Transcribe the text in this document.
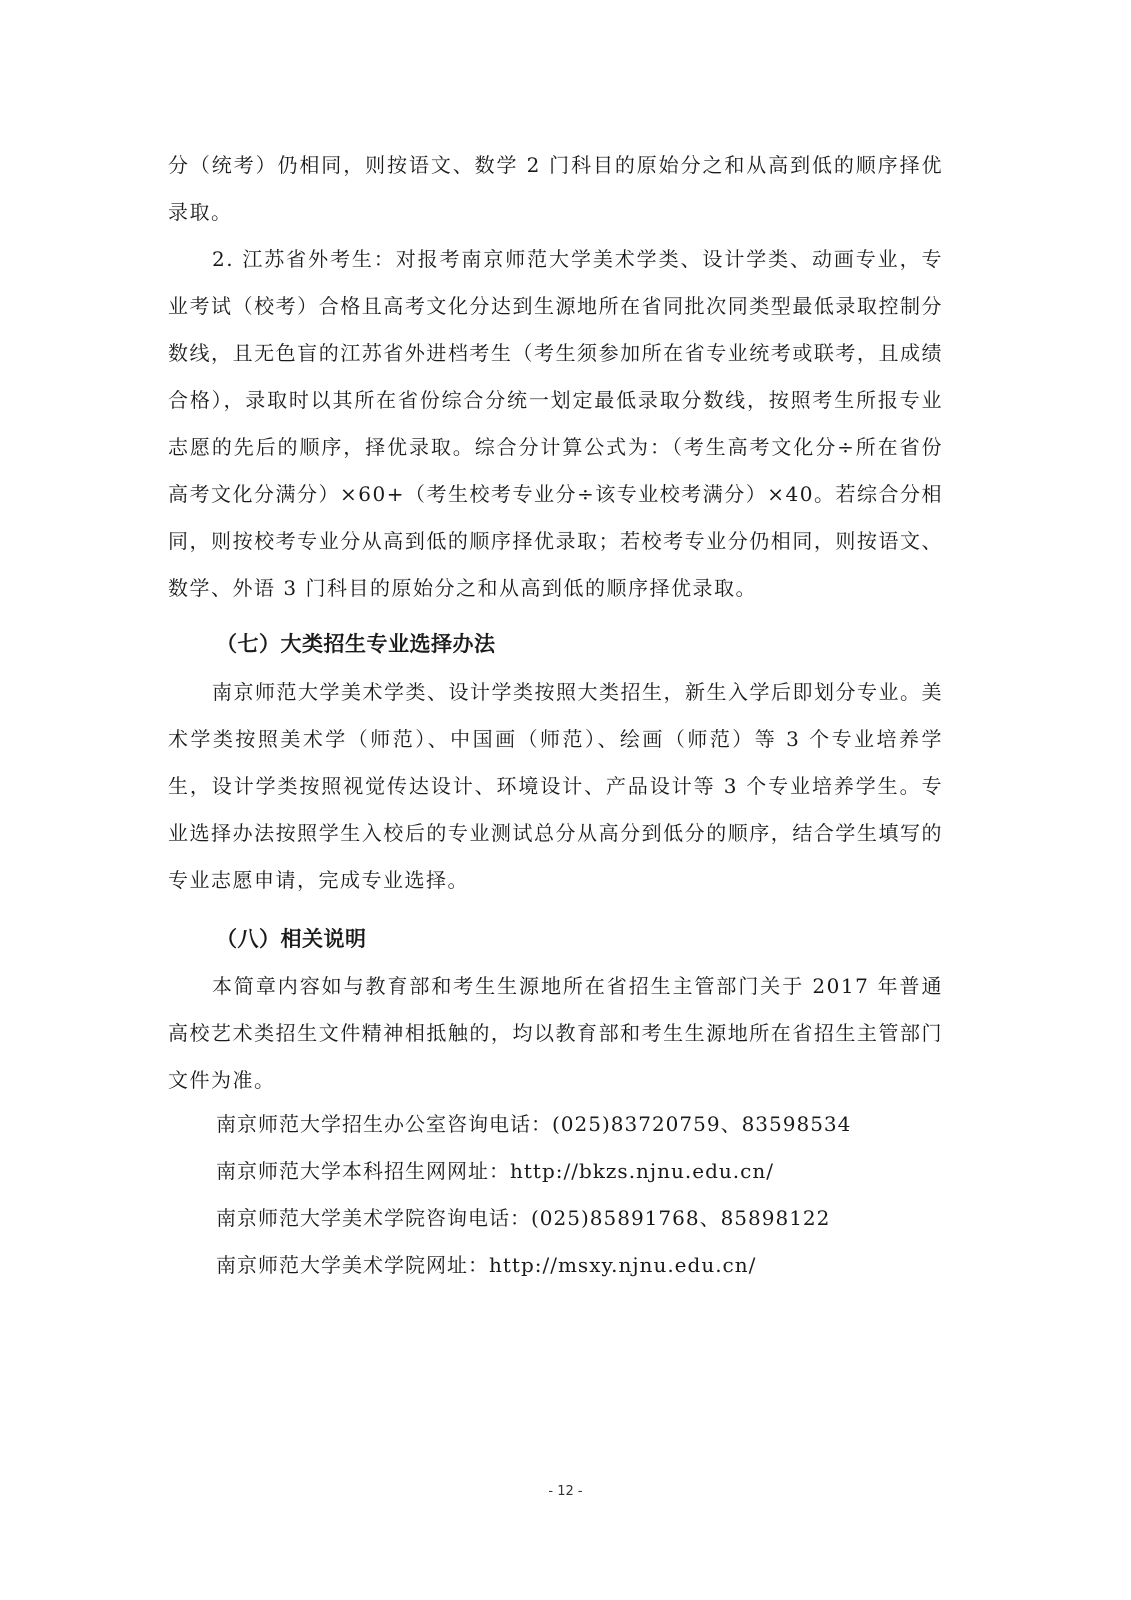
分（统考）仍相同，则按语文、数学 2 门科目的原始分之和从高到低的顺序择优录取。

2. 江苏省外考生：对报考南京师范大学美术学类、设计学类、动画专业，专业考试（校考）合格且高考文化分达到生源地所在省同批次同类型最低录取控制分数线，且无色盲的江苏省外进档考生（考生须参加所在省专业统考或联考，且成绩合格），录取时以其所在省份综合分统一划定最低录取分数线，按照考生所报专业志愿的先后的顺序，择优录取。综合分计算公式为：（考生高考文化分÷所在省份高考文化分满分）×60+（考生校考专业分÷该专业校考满分）×40。若综合分相同，则按校考专业分从高到低的顺序择优录取；若校考专业分仍相同，则按语文、数学、外语 3 门科目的原始分之和从高到低的顺序择优录取。

（七）大类招生专业选择办法

南京师范大学美术学类、设计学类按照大类招生，新生入学后即划分专业。美术学类按照美术学（师范）、中国画（师范）、绘画（师范）等 3 个专业培养学生，设计学类按照视觉传达设计、环境设计、产品设计等 3 个专业培养学生。专业选择办法按照学生入校后的专业测试总分从高分到低分的顺序，结合学生填写的专业志愿申请，完成专业选择。

（八）相关说明

本简章内容如与教育部和考生生源地所在省招生主管部门关于 2017 年普通高校艺术类招生文件精神相抵触的，均以教育部和考生生源地所在省招生主管部门文件为准。

南京师范大学招生办公室咨询电话：(025)83720759、83598534

南京师范大学本科招生网网址：http://bkzs.njnu.edu.cn/

南京师范大学美术学院咨询电话：(025)85891768、85898122

南京师范大学美术学院网址：http://msxy.njnu.edu.cn/

- 12 -
